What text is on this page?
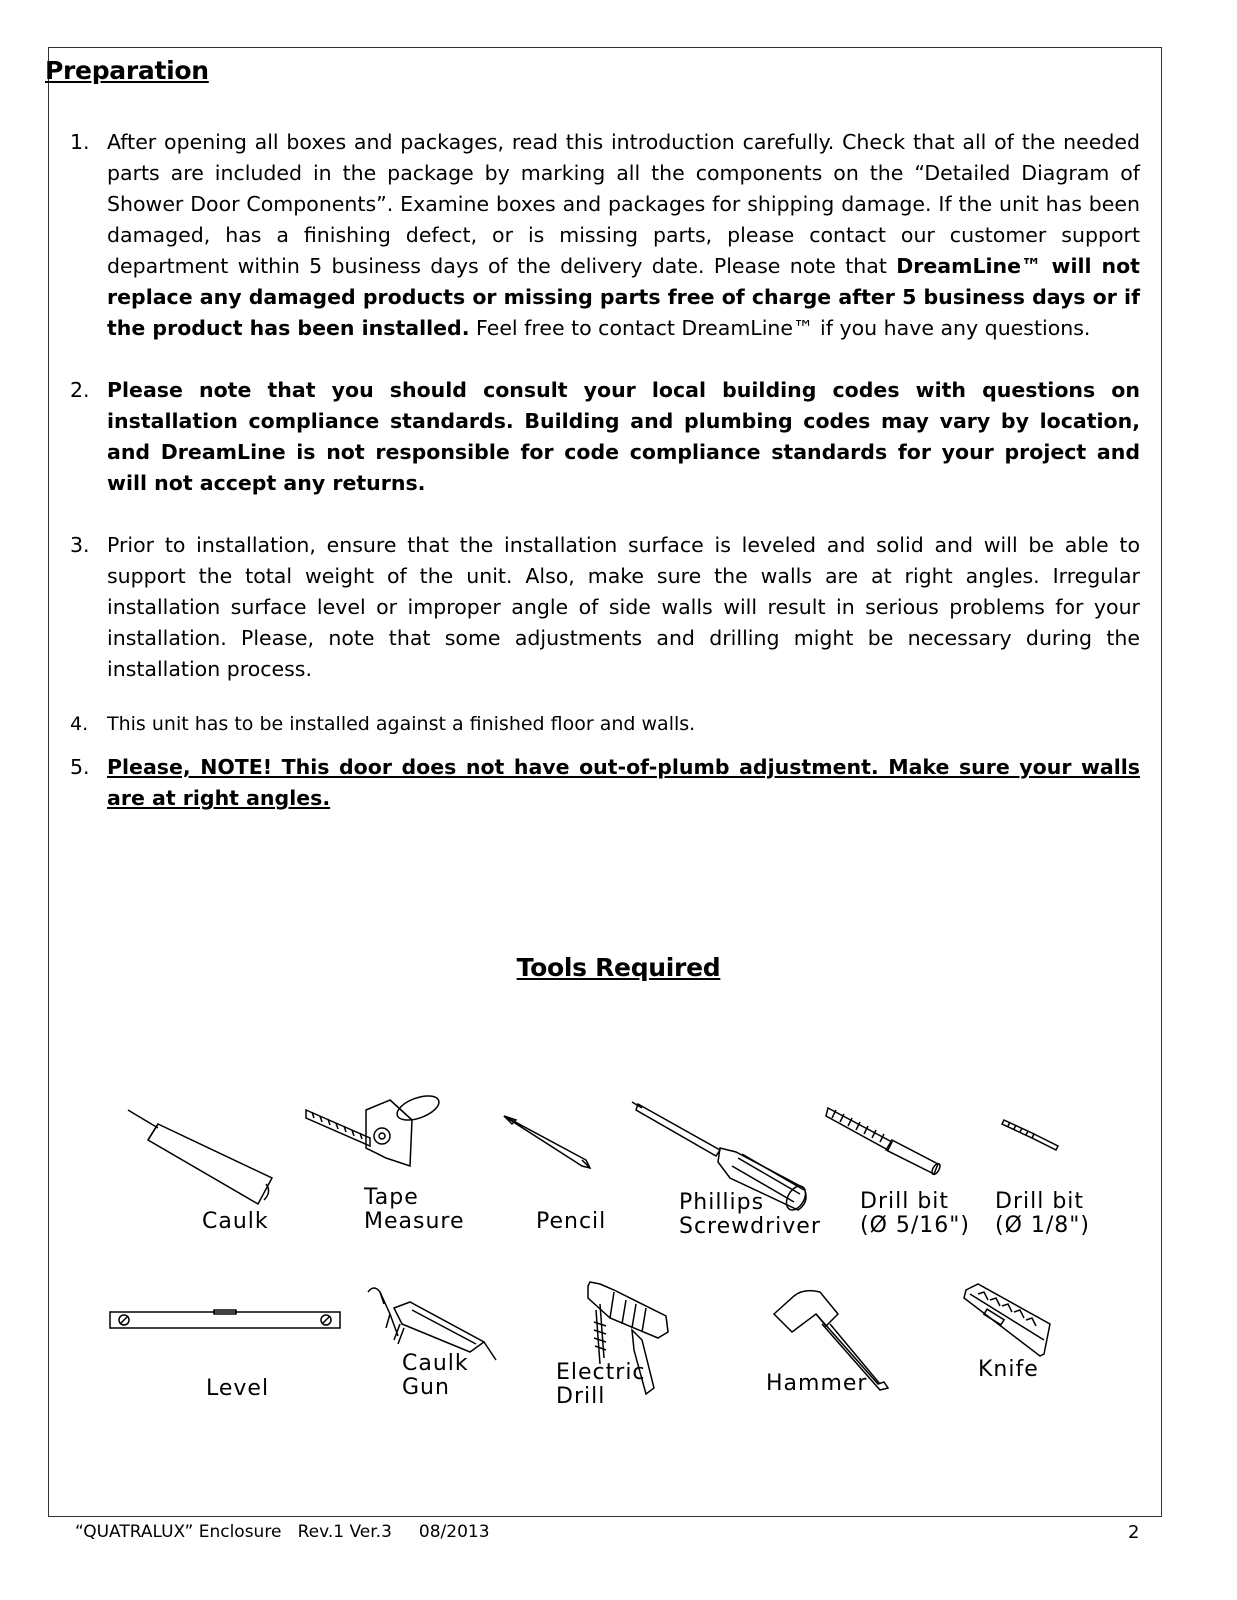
Preparation
1. After opening all boxes and packages, read this introduction carefully. Check that all of the needed parts are included in the package by marking all the components on the “Detailed Diagram of Shower Door Components”. Examine boxes and packages for shipping damage. If the unit has been damaged, has a finishing defect, or is missing parts, please contact our customer support department within 5 business days of the delivery date. Please note that DreamLine™ will not replace any damaged products or missing parts free of charge after 5 business days or if the product has been installed. Feel free to contact DreamLine™ if you have any questions.
2. Please note that you should consult your local building codes with questions on installation compliance standards. Building and plumbing codes may vary by location, and DreamLine is not responsible for code compliance standards for your project and will not accept any returns.
3. Prior to installation, ensure that the installation surface is leveled and solid and will be able to support the total weight of the unit. Also, make sure the walls are at right angles. Irregular installation surface level or improper angle of side walls will result in serious problems for your installation. Please, note that some adjustments and drilling might be necessary during the installation process.
4. This unit has to be installed against a finished floor and walls.
5. Please, NOTE! This door does not have out-of-plumb adjustment. Make sure your walls are at right angles.
Tools Required
Caulk
Tape
Measure	Pencil
Phillips
Screwdriver
Drill bit
(Ø 5/16")
Drill bit
(Ø 1/8")
Level
Caulk
Gun
Electric
Drill
Hammer
Knife
“QUATRALUX” Enclosure   Rev.1 Ver.3     08/2013	2
